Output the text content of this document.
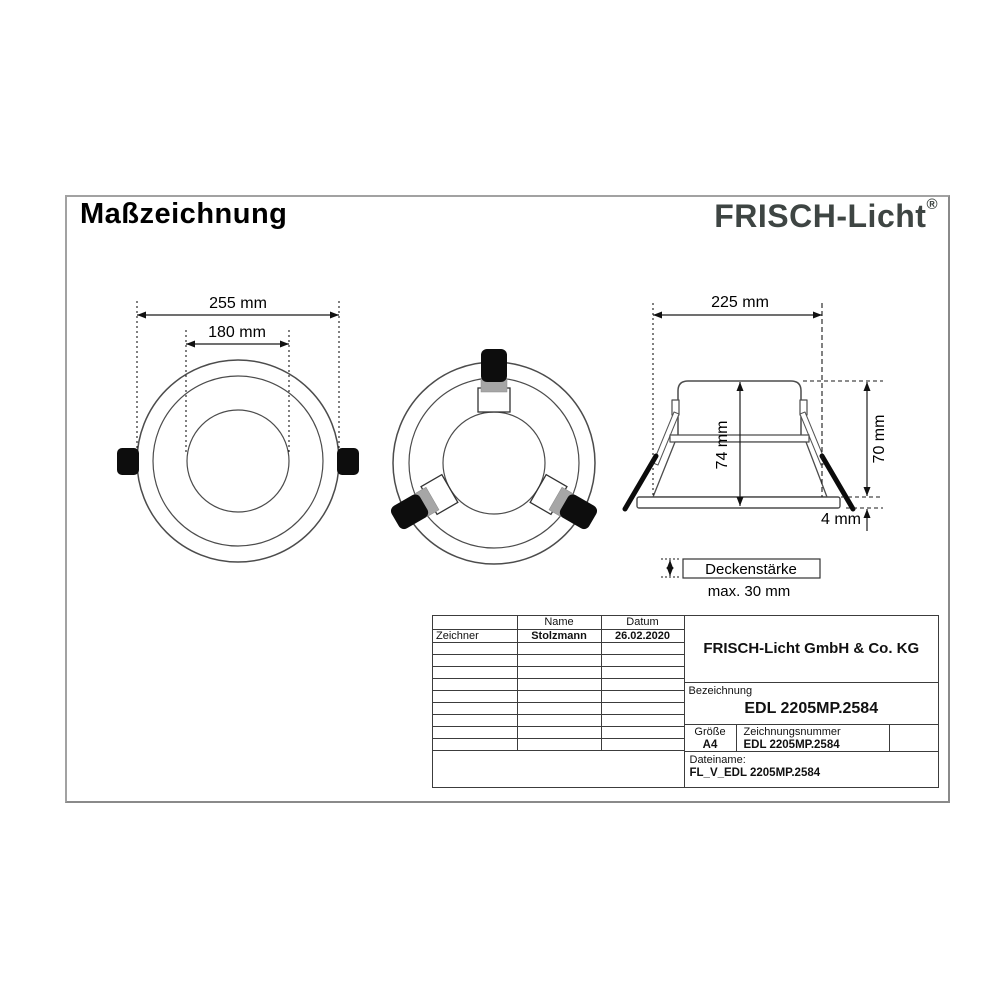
Maßzeichnung	FRISCH-Licht®
255 mm
180 mm
225 mm
74 mm	70 mm
4 mm
Deckenstärke
max. 30 mm
	Name	Datum
Zeichner	Stolzmann	26.02.2020

FRISCH-Licht GmbH & Co. KG
Bezeichnung
EDL 2205MP.2584
Größe
A4
Zeichnungsnummer
EDL 2205MP.2584
Dateiname:
FL_V_EDL 2205MP.2584
